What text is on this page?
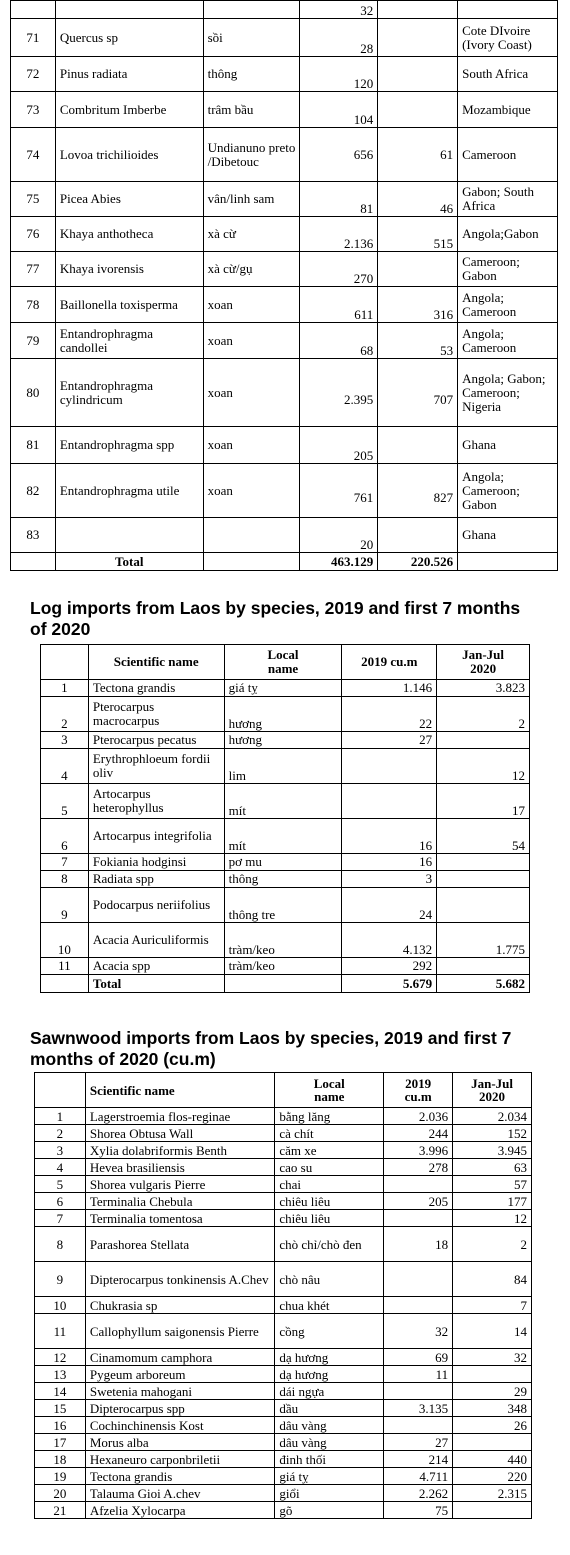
			32		
71	Quercus sp	sồi	28		Cote DIvoire (Ivory Coast)
72	Pinus radiata	thông	120		South Africa
73	Combritum Imberbe	trâm bầu	104		Mozambique
74	Lovoa trichilioides	Undianuno preto /Dibetouc	656	61	Cameroon
75	Picea Abies	vân/linh sam	81	46	Gabon; South Africa
76	Khaya anthotheca	xà cừ	2.136	515	Angola;Gabon
77	Khaya ivorensis	xà cừ/gụ	270		Cameroon; Gabon
78	Baillonella toxisperma	xoan	611	316	Angola; Cameroon
79	Entandrophragma candollei	xoan	68	53	Angola; Cameroon
80	Entandrophragma cylindricum	xoan	2.395	707	Angola; Gabon; Cameroon; Nigeria
81	Entandrophragma spp	xoan	205		Ghana
82	Entandrophragma utile	xoan	761	827	Angola; Cameroon; Gabon
83			20		Ghana
	Total		463.129	220.526	
Log imports from Laos by species, 2019 and first 7 months of 2020
	Scientific name	Local name	2019 cu.m	Jan-Jul 2020
1	Tectona grandis	giá tỵ	1.146	3.823
2	Pterocarpus macrocarpus	hương	22	2
3	Pterocarpus pecatus	hương	27	
4	Erythrophloeum fordii oliv	lim		12
5	Artocarpus heterophyllus	mít		17
6	Artocarpus integrifolia	mít	16	54
7	Fokiania hodginsi	pơ mu	16	
8	Radiata spp	thông	3	
9	Podocarpus neriifolius	thông tre	24	
10	Acacia Auriculiformis	tràm/keo	4.132	1.775
11	Acacia spp	tràm/keo	292	
	Total		5.679	5.682
Sawnwood imports from Laos by species, 2019 and first 7 months of 2020 (cu.m)
	Scientific name	Local name	2019 cu.m	Jan-Jul 2020
1	Lagerstroemia flos-reginae	bằng lăng	2.036	2.034
2	Shorea Obtusa Wall	cà chít	244	152
3	Xylia dolabriformis Benth	căm xe	3.996	3.945
4	Hevea brasiliensis	cao su	278	63
5	Shorea vulgaris Pierre	chai		57
6	Terminalia Chebula	chiêu liêu	205	177
7	Terminalia tomentosa	chiêu liêu		12
8	Parashorea Stellata	chò chỉ/chò đen	18	2
9	Dipterocarpus tonkinensis A.Chev	chò nâu		84
10	Chukrasia sp	chua khét		7
11	Callophyllum saigonensis Pierre	cồng	32	14
12	Cinamomum camphora	dạ hương	69	32
13	Pygeum arboreum	dạ hương	11	
14	Swetenia mahogani	dái ngựa		29
15	Dipterocarpus spp	dầu	3.135	348
16	Cochinchinensis Kost	dâu vàng		26
17	Morus alba	dâu vàng	27	
18	Hexaneuro carponbriletii	đinh thối	214	440
19	Tectona grandis	giá tỵ	4.711	220
20	Talauma Gioi A.chev	giổi	2.262	2.315
21	Afzelia Xylocarpa	gõ	75	
